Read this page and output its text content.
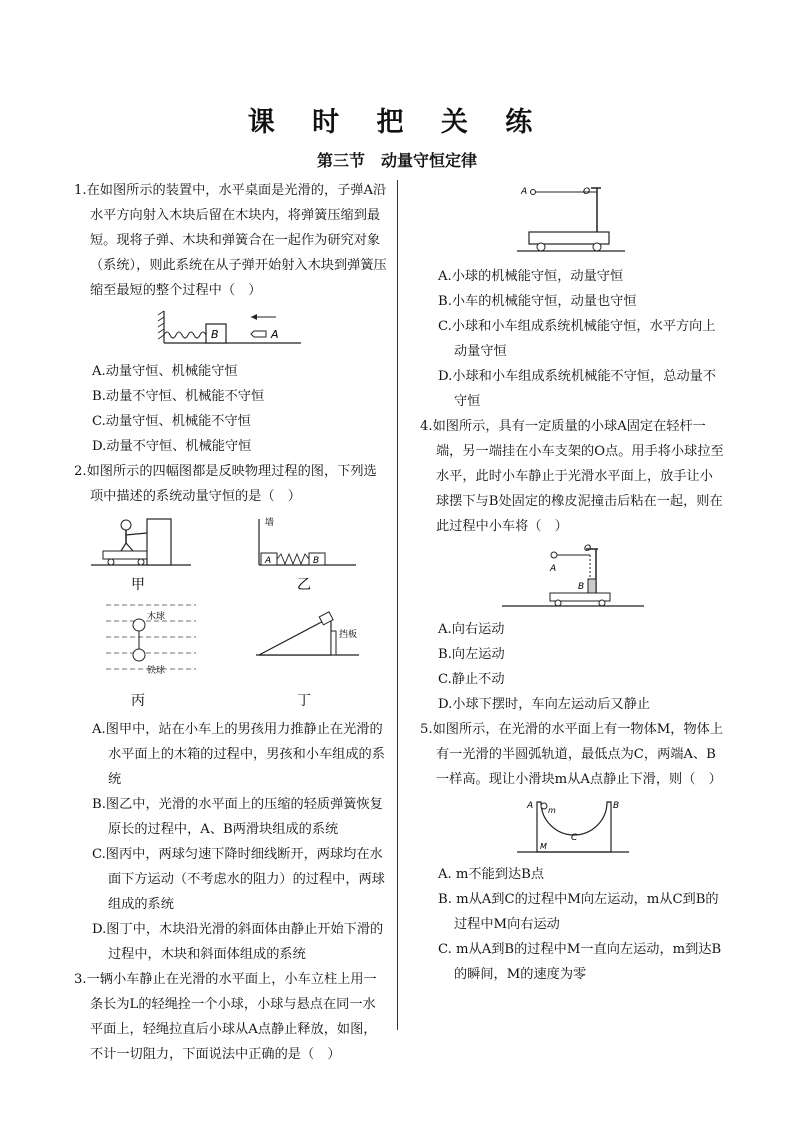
课 时 把 关 练
第三节　动量守恒定律
1.在如图所示的装置中，水平桌面是光滑的，子弹A沿水平方向射入木块后留在木块内，将弹簧压缩到最短。现将子弹、木块和弹簧合在一起作为研究对象（系统），则此系统在从子弹开始射入木块到弹簧压缩至最短的整个过程中（　）
B	A
A.动量守恒、机械能守恒
B.动量不守恒、机械能不守恒
C.动量守恒、机械能不守恒
D.动量不守恒、机械能守恒
2.如图所示的四幅图都是反映物理过程的图，下列选项中描述的系统动量守恒的是（　）
墙
A	B
木球
铁球
挡板
甲	乙
丙	丁
A.图甲中，站在小车上的男孩用力推静止在光滑的水平面上的木箱的过程中，男孩和小车组成的系统
B.图乙中，光滑的水平面上的压缩的轻质弹簧恢复原长的过程中，A、B两滑块组成的系统
C.图丙中，两球匀速下降时细线断开，两球均在水面下方运动（不考虑水的阻力）的过程中，两球组成的系统
D.图丁中，木块沿光滑的斜面体由静止开始下滑的过程中，木块和斜面体组成的系统
3.一辆小车静止在光滑的水平面上，小车立柱上用一条长为L的轻绳拴一个小球，小球与悬点在同一水平面上，轻绳拉直后小球从A点静止释放，如图，不计一切阻力，下面说法中正确的是（　）
A	O
A.小球的机械能守恒，动量守恒
B.小车的机械能守恒，动量也守恒
C.小球和小车组成系统机械能守恒，水平方向上动量守恒
D.小球和小车组成系统机械能不守恒，总动量不守恒
4.如图所示，具有一定质量的小球A固定在轻杆一端，另一端挂在小车支架的O点。用手将小球拉至水平，此时小车静止于光滑水平面上，放手让小球摆下与B处固定的橡皮泥撞击后粘在一起，则在此过程中小车将（　）
A
O
B
A.向右运动
B.向左运动
C.静止不动
D.小球下摆时，车向左运动后又静止
5.如图所示，在光滑的水平面上有一物体M，物体上有一光滑的半圆弧轨道，最低点为C，两端A、B一样高。现让小滑块m从A点静止下滑，则（　）
A	B
m
C
M
A. m不能到达B点
B. m从A到C的过程中M向左运动，m从C到B的过程中M向右运动
C. m从A到B的过程中M一直向左运动，m到达B的瞬间，M的速度为零
